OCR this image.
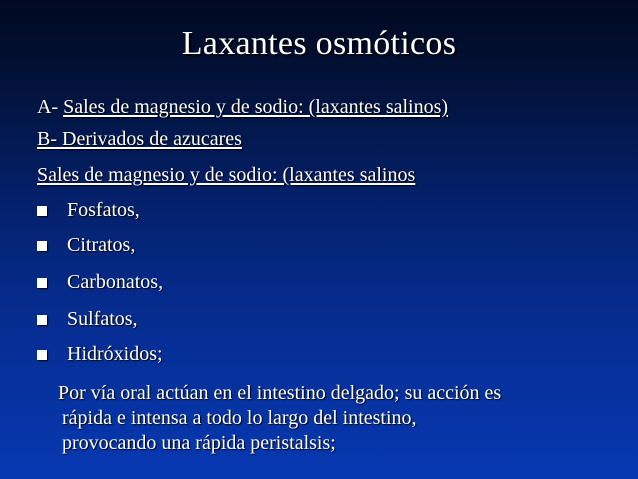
Laxantes osmóticos
A- Sales de magnesio y de sodio: (laxantes salinos)
B- Derivados de azucares
Sales de magnesio y de sodio: (laxantes salinos
Fosfatos,
Citratos,
Carbonatos,
Sulfatos,
Hidróxidos;
Por vía oral actúan en el intestino delgado; su acción es
rápida e intensa a todo lo largo del intestino,
provocando una rápida peristalsis;
